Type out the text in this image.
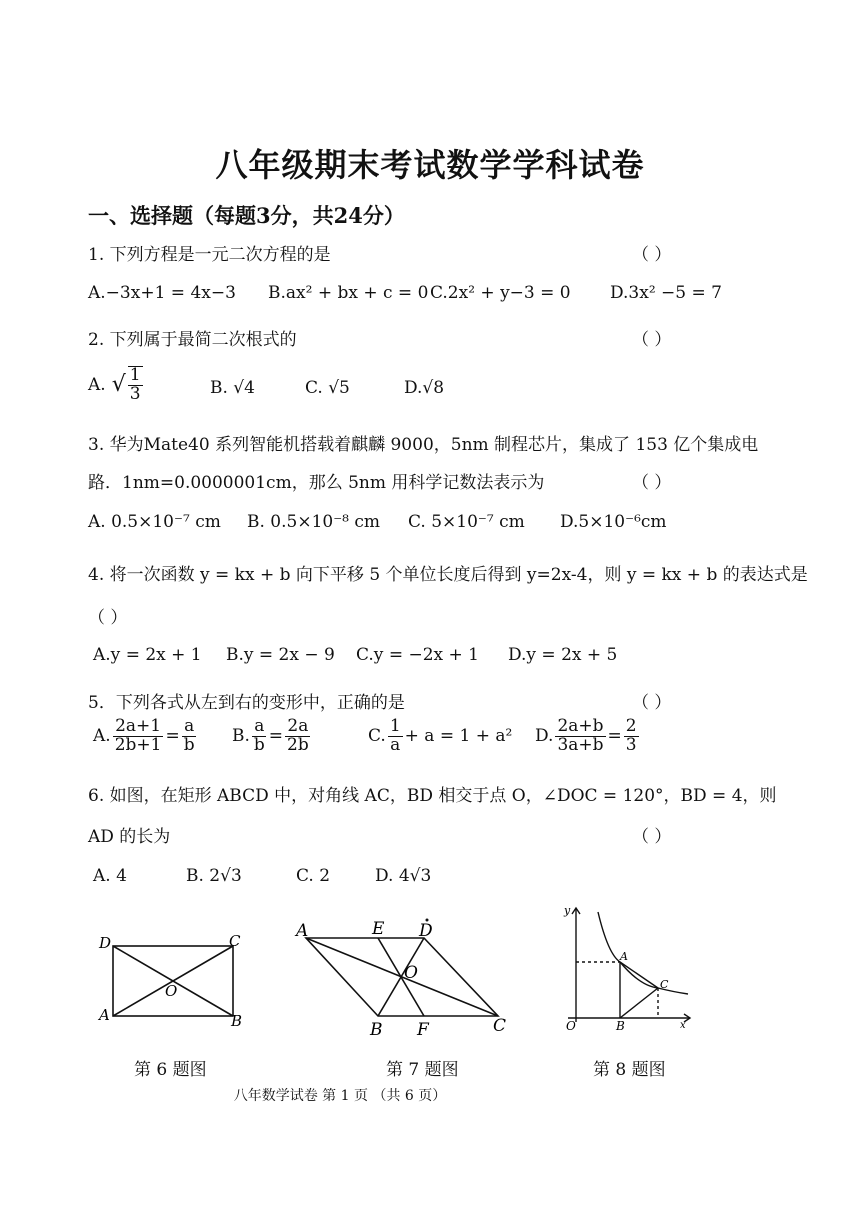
八年级期末考试数学学科试卷
一、选择题（每题3分，共24分）
1. 下列方程是一元二次方程的是	（ ）
A.−3x+1 = 4x−3 B.ax² + bx + c = 0 C.2x² + y−3 = 0 D.3x² −5 = 7
2. 下列属于最简二次根式的	（ ）
A. √ $\frac{1}{3}$	B. √4	C. √5	D.√8
3. 华为Mate40 系列智能机搭载着麒麟 9000，5nm 制程芯片，集成了 153 亿个集成电
路．1nm=0.0000001cm，那么 5nm 用科学记数法表示为	（ ）
A. 0.5×10⁻⁷ cm B. 0.5×10⁻⁸ cm C. 5×10⁻⁷ cm D.5×10⁻⁶cm
4. 将一次函数 y = kx + b 向下平移 5 个单位长度后得到 y=2x-4，则 y = kx + b 的表达式是
（ ）
A.y = 2x + 1 B.y = 2x − 9 C.y = −2x + 1 D.y = 2x + 5
5．下列各式从左到右的变形中，正确的是	（ ）
A. $\frac{2a+1}{2b+1} = \frac{a}{b} B$. $\frac{a}{b} = \frac{2a}{2b}$	C. $\frac{1}{a} + a = 1 + a^2$ D. $\frac{2a+b}{3a+b} = \frac{2}{3}$
6. 如图，在矩形 ABCD 中，对角线 AC，BD 相交于点 O，∠DOC = 120°，BD = 4，则
AD 的长为	（ ）
A. 4	B. 2√3	C. 2	D. 4√3
D	C
A	B
O
A	E D
O
B F	C
y
x
O	B
A
C
第 6 题图	第 7 题图	第 8 题图
八年数学试卷 第 1 页 （共 6 页）
